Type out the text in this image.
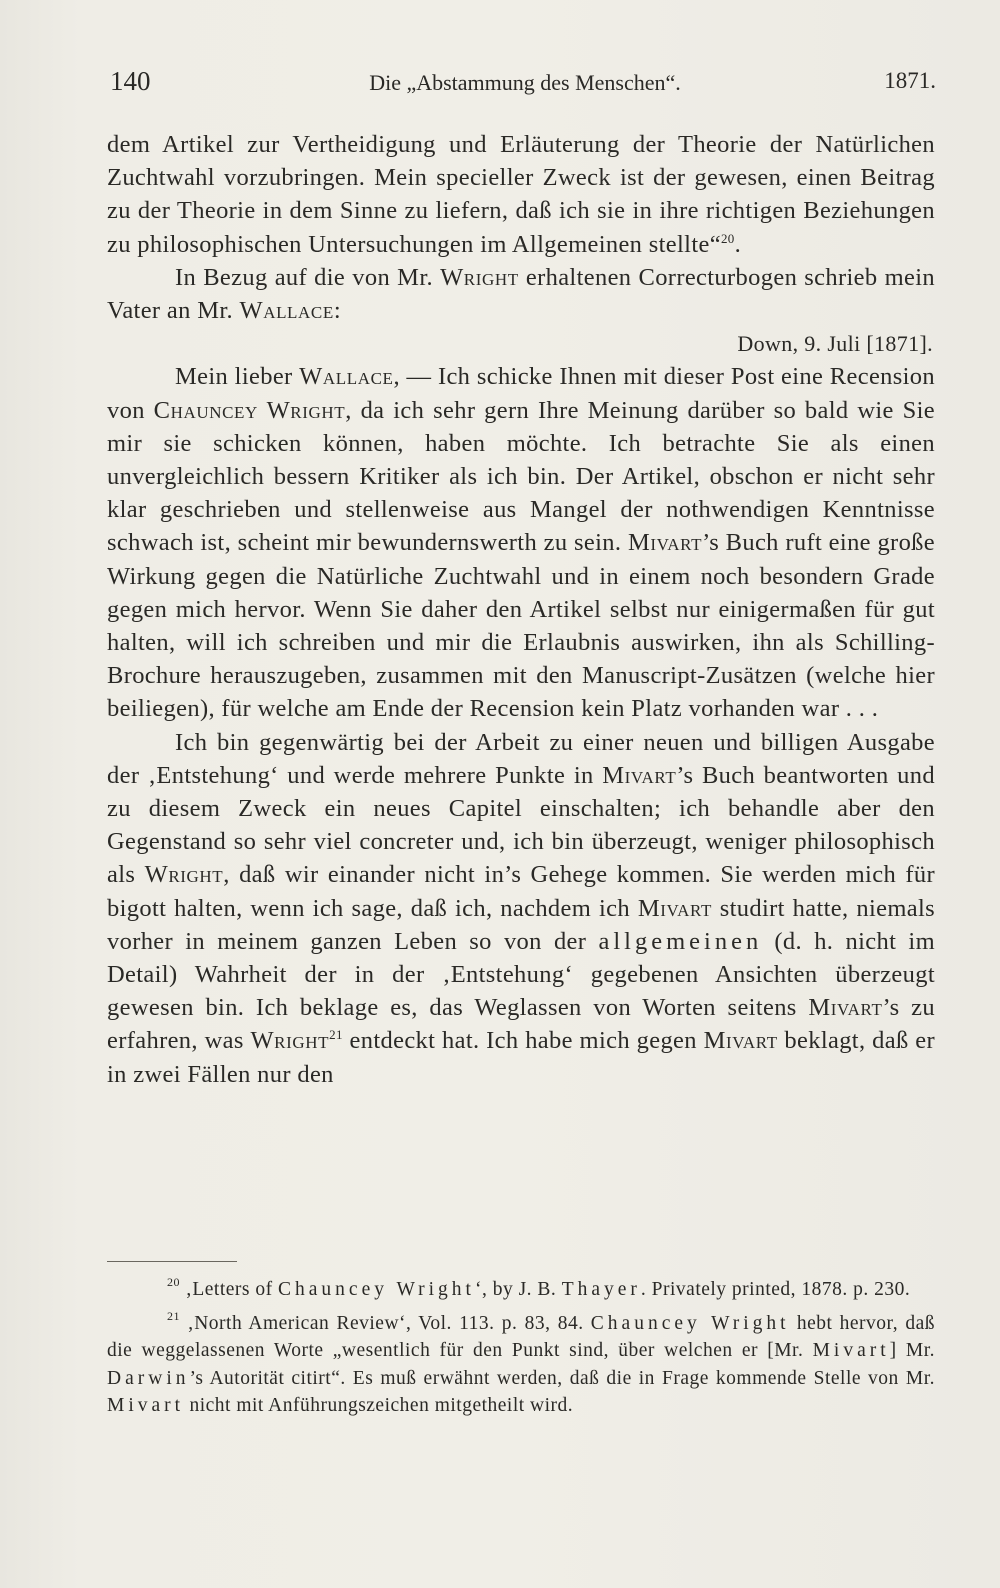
140	Die „Abstammung des Menschen“.	1871.

dem Artikel zur Vertheidigung und Erläuterung der Theorie der Natürlichen Zuchtwahl vorzubringen. Mein specieller Zweck ist der gewesen, einen Beitrag zu der Theorie in dem Sinne zu liefern, daß ich sie in ihre richtigen Beziehungen zu philosophischen Untersuchungen im Allgemeinen stellte“$^{20}$.

In Bezug auf die von Mr. Wright erhaltenen Correcturbogen schrieb mein Vater an Mr. Wallace:

Down, 9. Juli [1871].

Mein lieber Wallace, — Ich schicke Ihnen mit dieser Post eine Recension von Chauncey Wright, da ich sehr gern Ihre Meinung darüber so bald wie Sie mir sie schicken können, haben möchte. Ich betrachte Sie als einen unvergleichlich bessern Kritiker als ich bin. Der Artikel, obschon er nicht sehr klar geschrieben und stellenweise aus Mangel der nothwendigen Kenntnisse schwach ist, scheint mir bewundernswerth zu sein. Mivart’s Buch ruft eine große Wirkung gegen die Natürliche Zuchtwahl und in einem noch besondern Grade gegen mich hervor. Wenn Sie daher den Artikel selbst nur einigermaßen für gut halten, will ich schreiben und mir die Erlaubnis auswirken, ihn als Schilling-Brochure herauszugeben, zusammen mit den Manuscript-Zusätzen (welche hier beiliegen), für welche am Ende der Recension kein Platz vorhanden war . . .

Ich bin gegenwärtig bei der Arbeit zu einer neuen und billigen Ausgabe der ‚Entstehung‘ und werde mehrere Punkte in Mivart’s Buch beantworten und zu diesem Zweck ein neues Capitel einschalten; ich behandle aber den Gegenstand so sehr viel concreter und, ich bin überzeugt, weniger philosophisch als Wright, daß wir einander nicht in’s Gehege kommen. Sie werden mich für bigott halten, wenn ich sage, daß ich, nachdem ich Mivart studirt hatte, niemals vorher in meinem ganzen Leben so von der allgemeinen (d. h. nicht im Detail) Wahrheit der in der ‚Entstehung‘ gegebenen Ansichten überzeugt gewesen bin. Ich beklage es, das Weglassen von Worten seitens Mivart’s zu erfahren, was Wright$^{21}$ entdeckt hat. Ich habe mich gegen Mivart beklagt, daß er in zwei Fällen nur den

$^{20}$ ‚Letters of Chauncey Wright‘, by J. B. Thayer. Privately printed, 1878. p. 230.

$^{21}$ ‚North American Review‘, Vol. 113. p. 83, 84. Chauncey Wright hebt hervor, daß die weggelassenen Worte „wesentlich für den Punkt sind, über welchen er [Mr. Mivart] Mr. Darwin’s Autorität citirt“. Es muß erwähnt werden, daß die in Frage kommende Stelle von Mr. Mivart nicht mit Anführungszeichen mitgetheilt wird.
